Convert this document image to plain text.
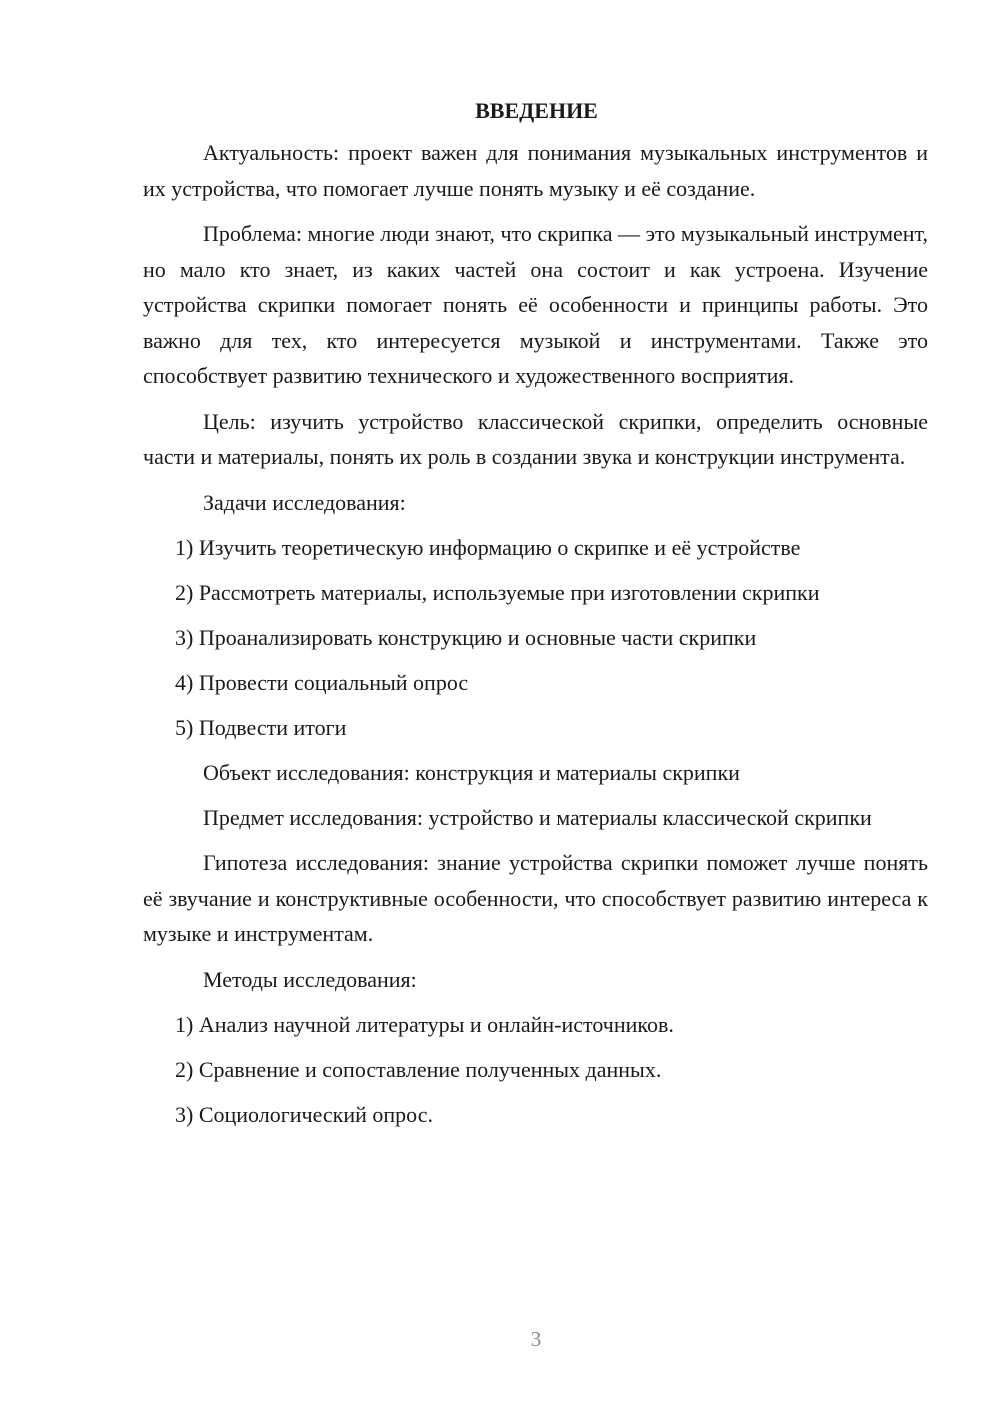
ВВЕДЕНИЕ

Актуальность: проект важен для понимания музыкальных инструментов и их устройства, что помогает лучше понять музыку и её создание.

Проблема: многие люди знают, что скрипка — это музыкальный инструмент, но мало кто знает, из каких частей она состоит и как устроена. Изучение устройства скрипки помогает понять её особенности и принципы работы. Это важно для тех, кто интересуется музыкой и инструментами. Также это способствует развитию технического и художественного восприятия.

Цель: изучить устройство классической скрипки, определить основные части и материалы, понять их роль в создании звука и конструкции инструмента.

Задачи исследования:
1) Изучить теоретическую информацию о скрипке и её устройстве
2) Рассмотреть материалы, используемые при изготовлении скрипки
3) Проанализировать конструкцию и основные части скрипки
4) Провести социальный опрос
5) Подвести итоги
Объект исследования: конструкция и материалы скрипки

Предмет исследования: устройство и материалы классической скрипки

Гипотеза исследования: знание устройства скрипки поможет лучше понять её звучание и конструктивные особенности, что способствует развитию интереса к музыке и инструментам.

Методы исследования:
1) Анализ научной литературы и онлайн-источников.
2) Сравнение и сопоставление полученных данных.
3) Социологический опрос.
3
